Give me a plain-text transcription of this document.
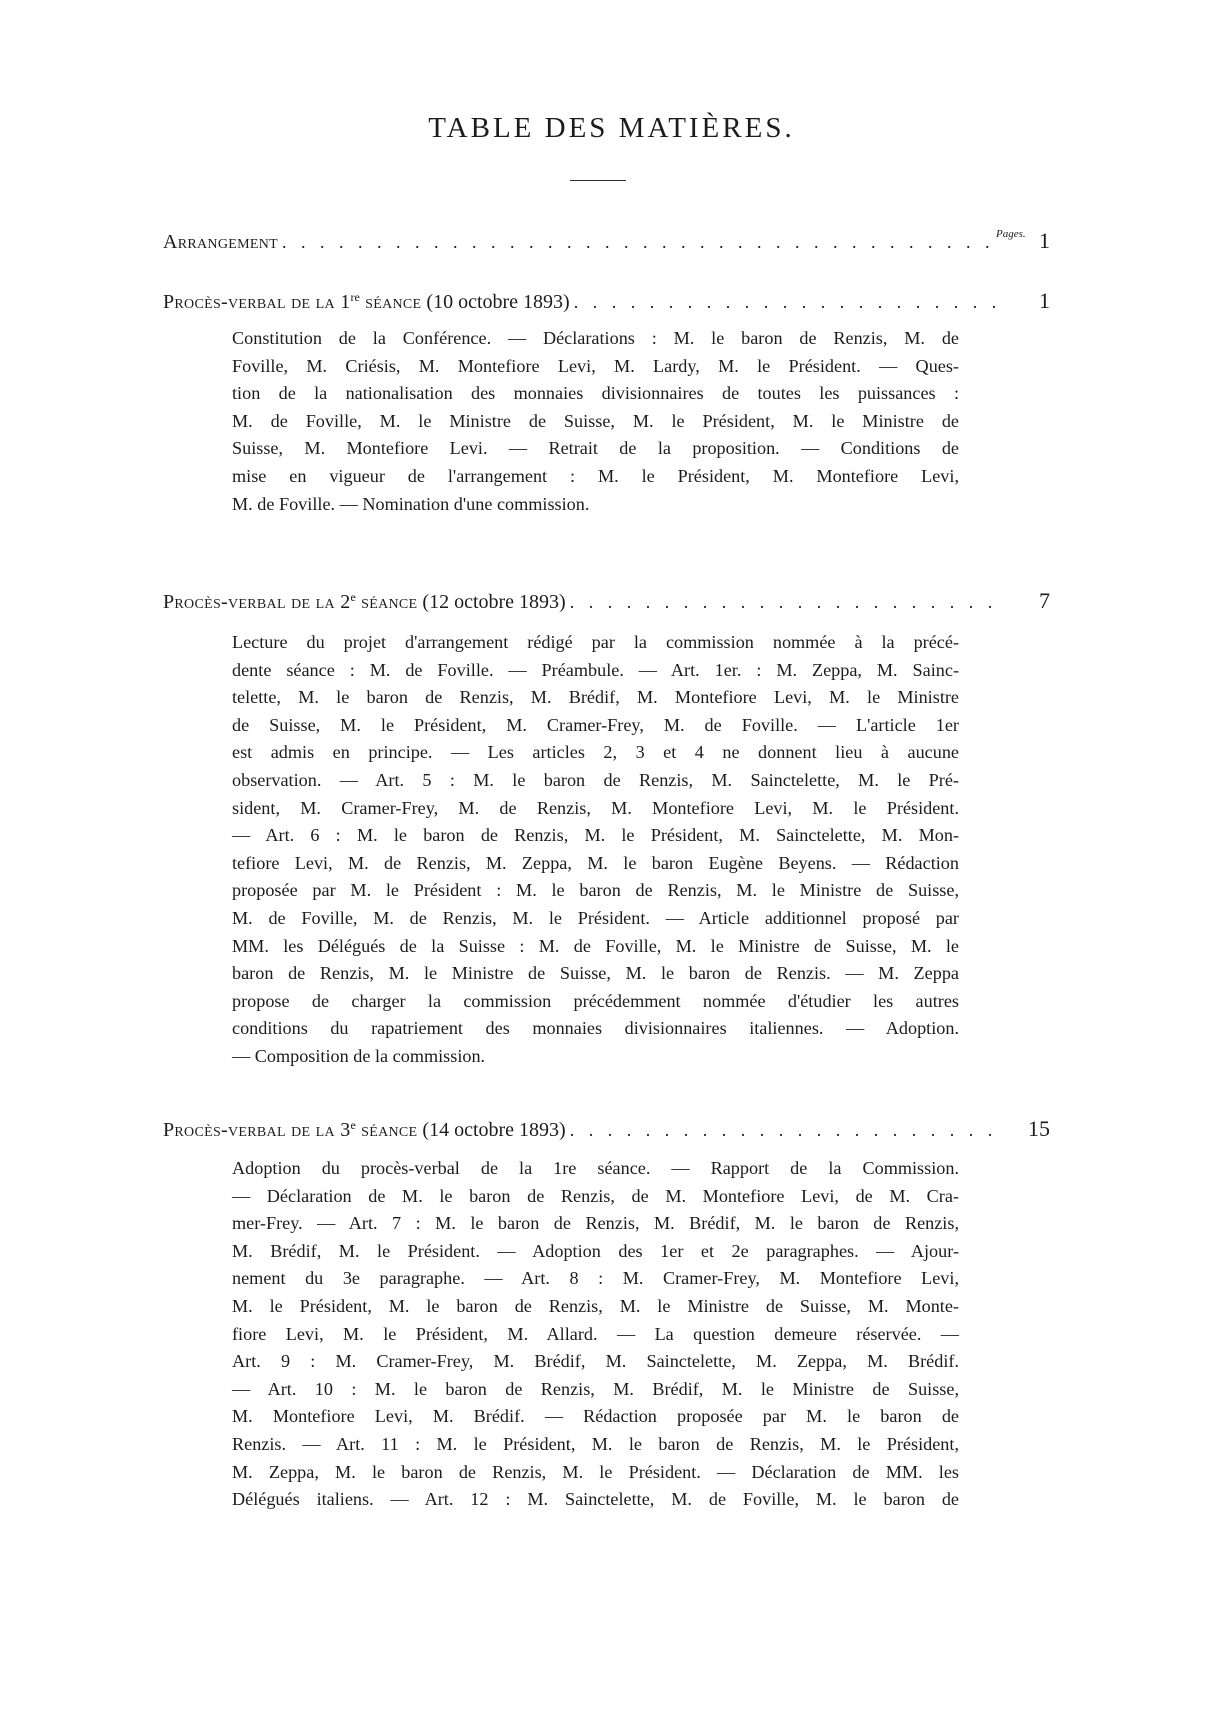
TABLE DES MATIÈRES.
Pages.
Arrangement . . .	1
Procès-verbal de la 1re séance (10 octobre 1893) . . .	1
Constitution de la Conférence. — Déclarations : M. le baron de Renzis, M. de
Foville, M. Criésis, M. Montefiore Levi, M. Lardy, M. le Président. — Ques-
tion de la nationalisation des monnaies divisionnaires de toutes les puissances :
M. de Foville, M. le Ministre de Suisse, M. le Président, M. le Ministre de
Suisse, M. Montefiore Levi. — Retrait de la proposition. — Conditions de
mise en vigueur de l'arrangement : M. le Président, M. Montefiore Levi,
M. de Foville. — Nomination d'une commission.
Procès-verbal de la 2e séance (12 octobre 1893) . . .	7
Lecture du projet d'arrangement rédigé par la commission nommée à la précé-
dente séance : M. de Foville. — Préambule. — Art. 1er. : M. Zeppa, M. Sainc-
telette, M. le baron de Renzis, M. Brédif, M. Montefiore Levi, M. le Ministre
de Suisse, M. le Président, M. Cramer-Frey, M. de Foville. — L'article 1er
est admis en principe. — Les articles 2, 3 et 4 ne donnent lieu à aucune
observation. — Art. 5 : M. le baron de Renzis, M. Sainctelette, M. le Pré-
sident, M. Cramer-Frey, M. de Renzis, M. Montefiore Levi, M. le Président.
— Art. 6 : M. le baron de Renzis, M. le Président, M. Sainctelette, M. Mon-
tefiore Levi, M. de Renzis, M. Zeppa, M. le baron Eugène Beyens. — Rédaction
proposée par M. le Président : M. le baron de Renzis, M. le Ministre de Suisse,
M. de Foville, M. de Renzis, M. le Président. — Article additionnel proposé par
MM. les Délégués de la Suisse : M. de Foville, M. le Ministre de Suisse, M. le
baron de Renzis, M. le Ministre de Suisse, M. le baron de Renzis. — M. Zeppa
propose de charger la commission précédemment nommée d'étudier les autres
conditions du rapatriement des monnaies divisionnaires italiennes. — Adoption.
— Composition de la commission.
Procès-verbal de la 3e séance (14 octobre 1893) . . .	15
Adoption du procès-verbal de la 1re séance. — Rapport de la Commission.
— Déclaration de M. le baron de Renzis, de M. Montefiore Levi, de M. Cra-
mer-Frey. — Art. 7 : M. le baron de Renzis, M. Brédif, M. le baron de Renzis,
M. Brédif, M. le Président. — Adoption des 1er et 2e paragraphes. — Ajour-
nement du 3e paragraphe. — Art. 8 : M. Cramer-Frey, M. Montefiore Levi,
M. le Président, M. le baron de Renzis, M. le Ministre de Suisse, M. Monte-
fiore Levi, M. le Président, M. Allard. — La question demeure réservée. —
Art. 9 : M. Cramer-Frey, M. Brédif, M. Sainctelette, M. Zeppa, M. Brédif.
— Art. 10 : M. le baron de Renzis, M. Brédif, M. le Ministre de Suisse,
M. Montefiore Levi, M. Brédif. — Rédaction proposée par M. le baron de
Renzis. — Art. 11 : M. le Président, M. le baron de Renzis, M. le Président,
M. Zeppa, M. le baron de Renzis, M. le Président. — Déclaration de MM. les
Délégués italiens. — Art. 12 : M. Sainctelette, M. de Foville, M. le baron de
